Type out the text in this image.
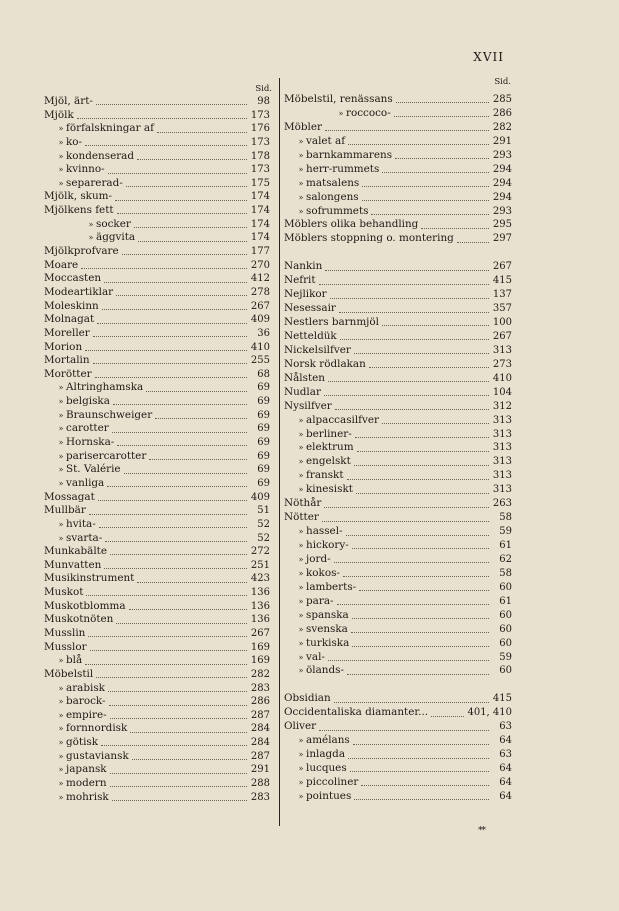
XVII
Sid.
Sid.
Mjöl, ärt-	98
Mjölk	173
» förfalskningar af	176
» ko-	173
» kondenserad	178
» kvinno-	173
» separerad-	175
Mjölk, skum-	174
Mjölkens fett	174
» socker	174
» äggvita	174
Mjölkprofvare	177
Moare	270
Moccasten	412
Modeartiklar	278
Moleskinn	267
Molnagat	409
Moreller	36
Morion	410
Mortalin	255
Morötter	68
» Altringhamska	69
» belgiska	69
» Braunschweiger	69
» carotter	69
» Hornska-	69
» parisercarotter	69
» St. Valérie	69
» vanliga	69
Mossagat	409
Mullbär	51
» hvita-	52
» svarta-	52
Munkabälte	272
Munvatten	251
Musikinstrument	423
Muskot	136
Muskotblomma	136
Muskotnöten	136
Musslin	267
Musslor	169
» blå	169
Möbelstil	282
» arabisk	283
» barock-	286
» empire-	287
» fornnordisk	284
» götisk	284
» gustaviansk	287
» japansk	291
» modern	288
» mohrisk	283
Möbelstil, renässans	285
» roccoco-	286
Möbler	282
» valet af	291
» barnkammarens	293
» herr-rummets	294
» matsalens	294
» salongens	294
» sofrummets	293
Möblers olika behandling	295
Möblers stoppning o. montering	297
Nankin	267
Nefrit	415
Nejlikor	137
Nesessair	357
Nestlers barnmjöl	100
Netteldük	267
Nickelsilfver	313
Norsk rödlakan	273
Nålsten	410
Nudlar	104
Nysilfver	312
» alpaccasilfver	313
» berliner-	313
» elektrum	313
» engelskt	313
» franskt	313
» kinesiskt	313
Nöthår	263
Nötter	58
» hassel-	59
» hickory-	61
» jord-	62
» kokos-	58
» lamberts-	60
» para-	61
» spanska	60
» svenska	60
» turkiska	60
» val-	59
» ölands-	60
Obsidian	415
Occidentaliska diamanter...	401, 410
Oliver	63
» amélans	64
» inlagda	63
» lucques	64
» piccoliner	64
» pointues	64
**
